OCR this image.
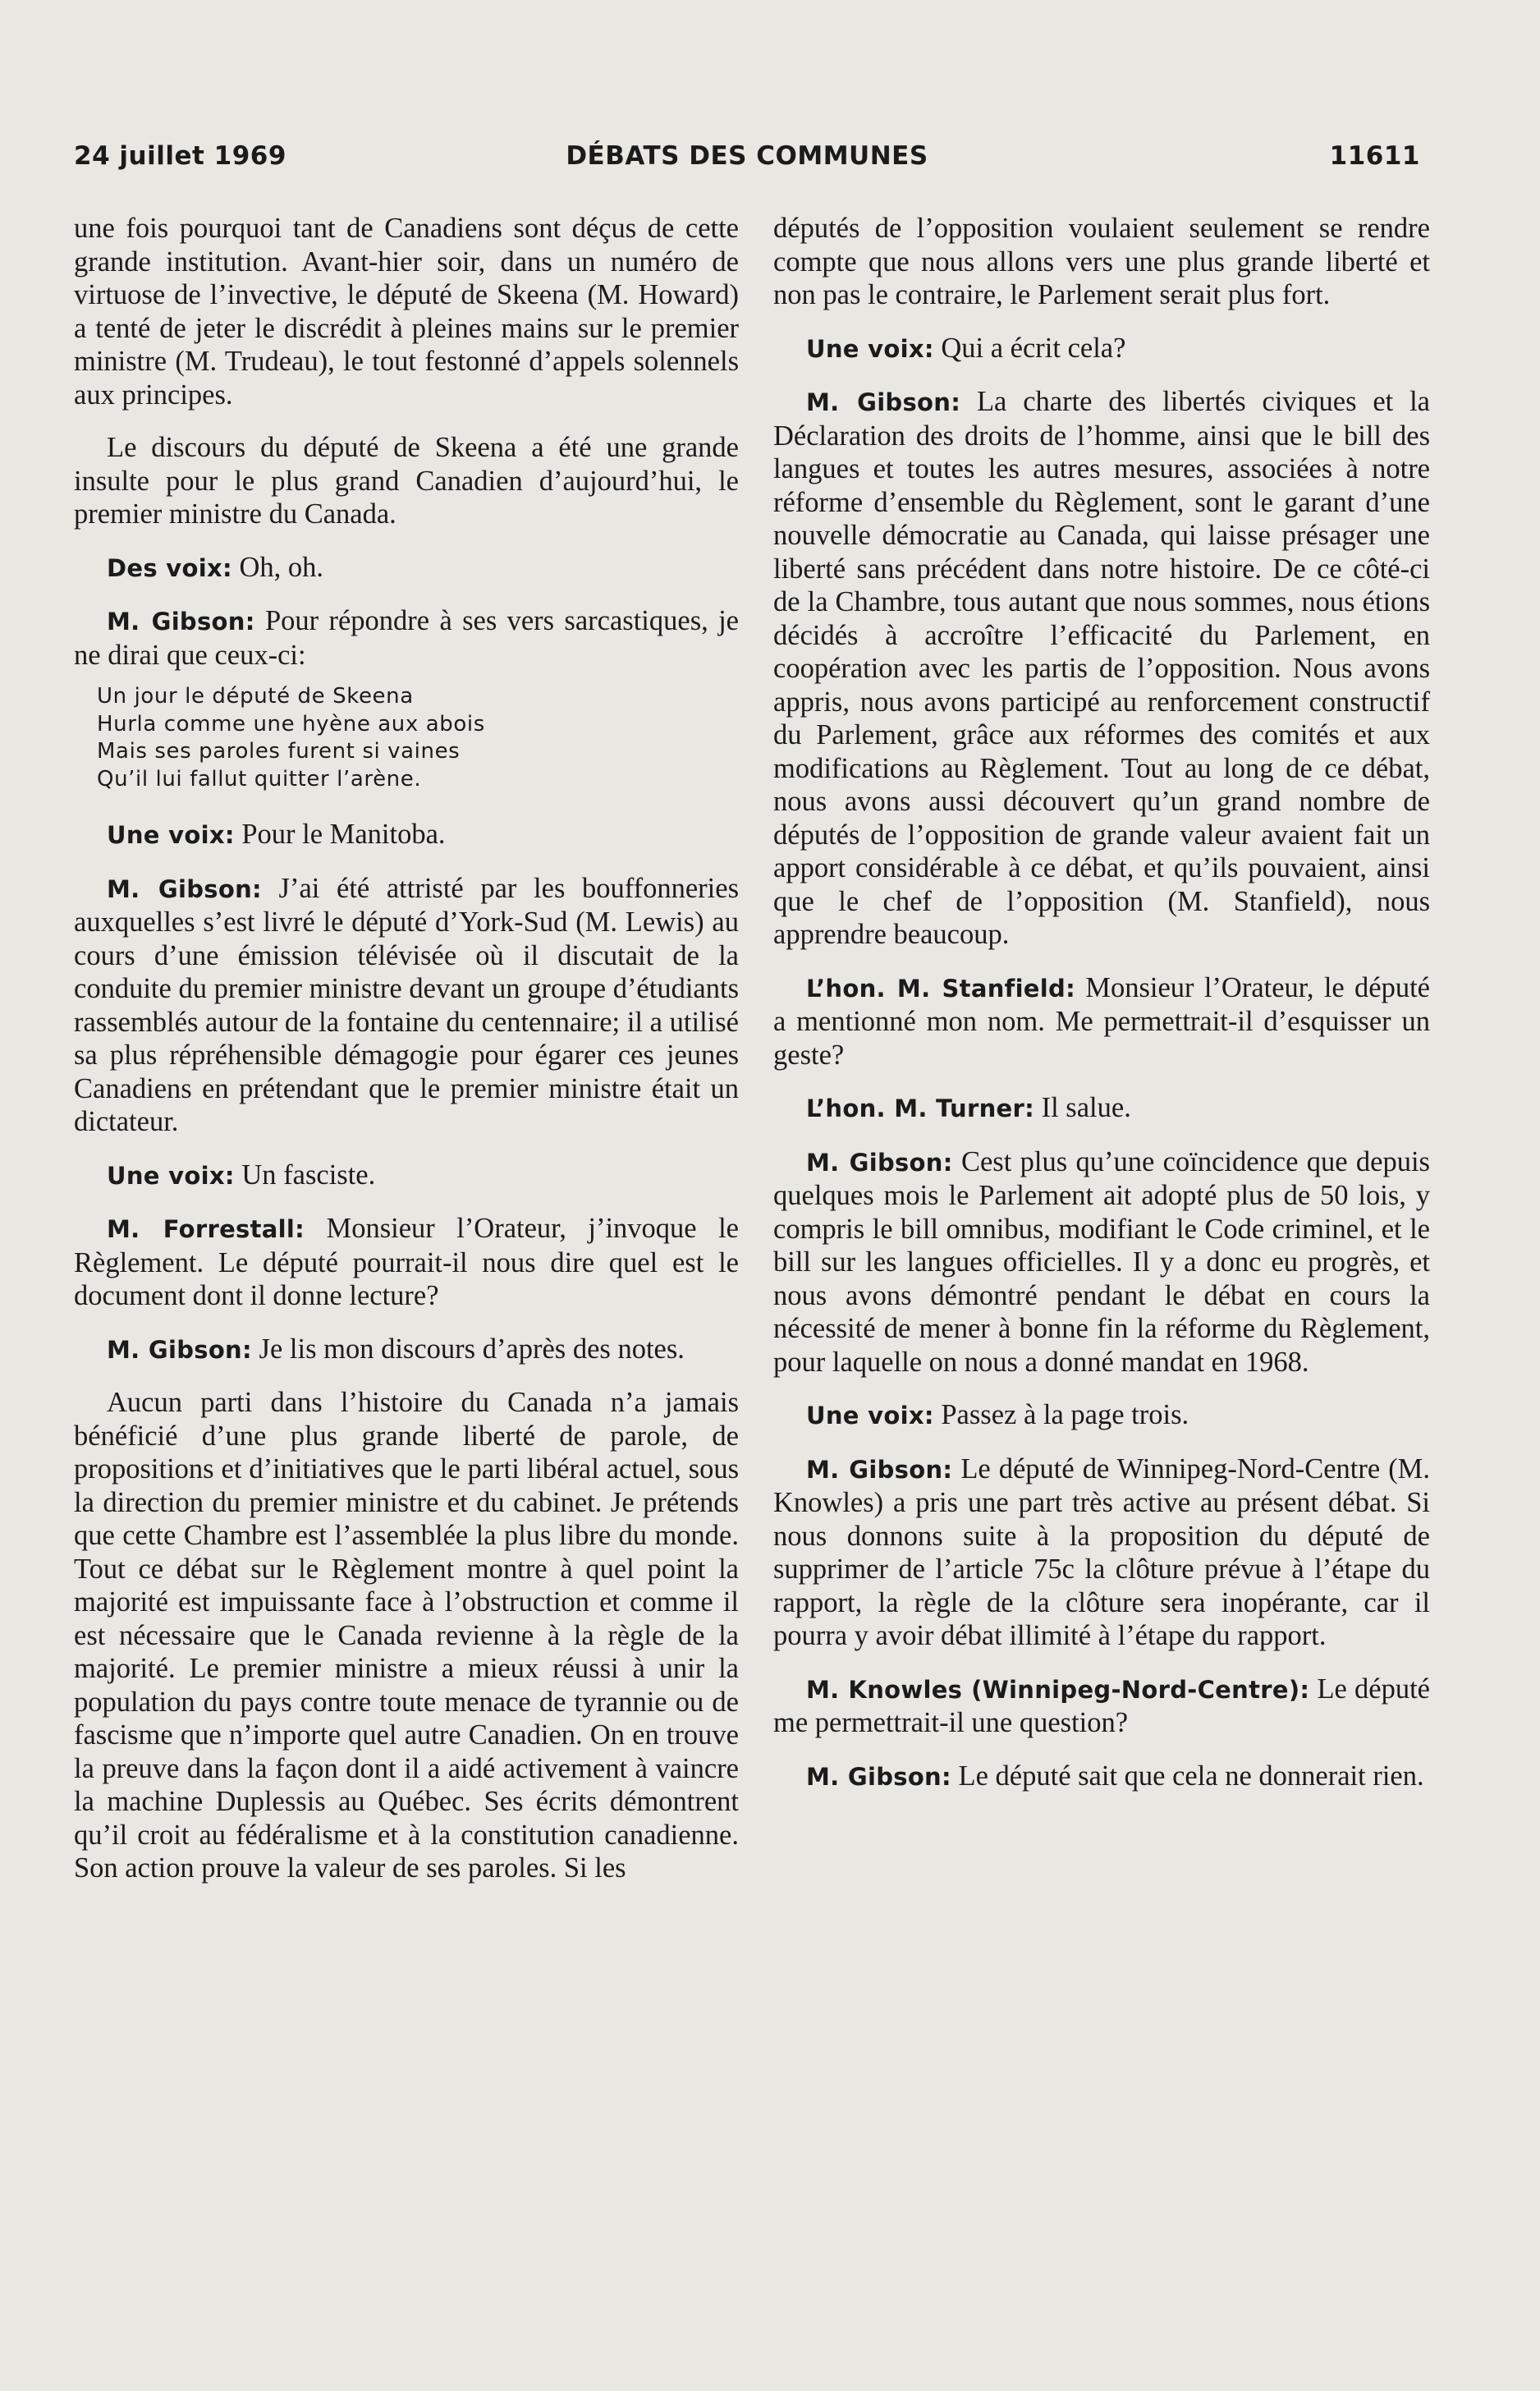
24 juillet 1969	DÉBATS DES COMMUNES	11611

une fois pourquoi tant de Canadiens sont déçus de cette grande institution. Avant-hier soir, dans un numéro de virtuose de l’invective, le député de Skeena (M. Howard) a tenté de jeter le discrédit à pleines mains sur le premier ministre (M. Trudeau), le tout festonné d’appels solennels aux principes.

Le discours du député de Skeena a été une grande insulte pour le plus grand Canadien d’aujourd’hui, le premier ministre du Canada.

Des voix: Oh, oh.

M. Gibson: Pour répondre à ses vers sarcastiques, je ne dirai que ceux-ci:

Un jour le député de Skeena
Hurla comme une hyène aux abois
Mais ses paroles furent si vaines
Qu’il lui fallut quitter l’arène.

Une voix: Pour le Manitoba.

M. Gibson: J’ai été attristé par les bouffonneries auxquelles s’est livré le député d’York-Sud (M. Lewis) au cours d’une émission télévisée où il discutait de la conduite du premier ministre devant un groupe d’étudiants rassemblés autour de la fontaine du centennaire; il a utilisé sa plus répréhensible démagogie pour égarer ces jeunes Canadiens en prétendant que le premier ministre était un dictateur.

Une voix: Un fasciste.

M. Forrestall: Monsieur l’Orateur, j’invoque le Règlement. Le député pourrait-il nous dire quel est le document dont il donne lecture?

M. Gibson: Je lis mon discours d’après des notes.

Aucun parti dans l’histoire du Canada n’a jamais bénéficié d’une plus grande liberté de parole, de propositions et d’initiatives que le parti libéral actuel, sous la direction du premier ministre et du cabinet. Je prétends que cette Chambre est l’assemblée la plus libre du monde. Tout ce débat sur le Règlement montre à quel point la majorité est impuissante face à l’obstruction et comme il est nécessaire que le Canada revienne à la règle de la majorité. Le premier ministre a mieux réussi à unir la population du pays contre toute menace de tyrannie ou de fascisme que n’importe quel autre Canadien. On en trouve la preuve dans la façon dont il a aidé activement à vaincre la machine Duplessis au Québec. Ses écrits démontrent qu’il croit au fédéralisme et à la constitution canadienne. Son action prouve la valeur de ses paroles. Si les

députés de l’opposition voulaient seulement se rendre compte que nous allons vers une plus grande liberté et non pas le contraire, le Parlement serait plus fort.

Une voix: Qui a écrit cela?

M. Gibson: La charte des libertés civiques et la Déclaration des droits de l’homme, ainsi que le bill des langues et toutes les autres mesures, associées à notre réforme d’ensemble du Règlement, sont le garant d’une nouvelle démocratie au Canada, qui laisse présager une liberté sans précédent dans notre histoire. De ce côté-ci de la Chambre, tous autant que nous sommes, nous étions décidés à accroître l’efficacité du Parlement, en coopération avec les partis de l’opposition. Nous avons appris, nous avons participé au renforcement constructif du Parlement, grâce aux réformes des comités et aux modifications au Règlement. Tout au long de ce débat, nous avons aussi découvert qu’un grand nombre de députés de l’opposition de grande valeur avaient fait un apport considérable à ce débat, et qu’ils pouvaient, ainsi que le chef de l’opposition (M. Stanfield), nous apprendre beaucoup.

L’hon. M. Stanfield: Monsieur l’Orateur, le député a mentionné mon nom. Me permettrait-il d’esquisser un geste?

L’hon. M. Turner: Il salue.

M. Gibson: Cest plus qu’une coïncidence que depuis quelques mois le Parlement ait adopté plus de 50 lois, y compris le bill omnibus, modifiant le Code criminel, et le bill sur les langues officielles. Il y a donc eu progrès, et nous avons démontré pendant le débat en cours la nécessité de mener à bonne fin la réforme du Règlement, pour laquelle on nous a donné mandat en 1968.

Une voix: Passez à la page trois.

M. Gibson: Le député de Winnipeg-Nord-Centre (M. Knowles) a pris une part très active au présent débat. Si nous donnons suite à la proposition du député de supprimer de l’article 75c la clôture prévue à l’étape du rapport, la règle de la clôture sera inopérante, car il pourra y avoir débat illimité à l’étape du rapport.

M. Knowles (Winnipeg-Nord-Centre): Le député me permettrait-il une question?

M. Gibson: Le député sait que cela ne donnerait rien.
